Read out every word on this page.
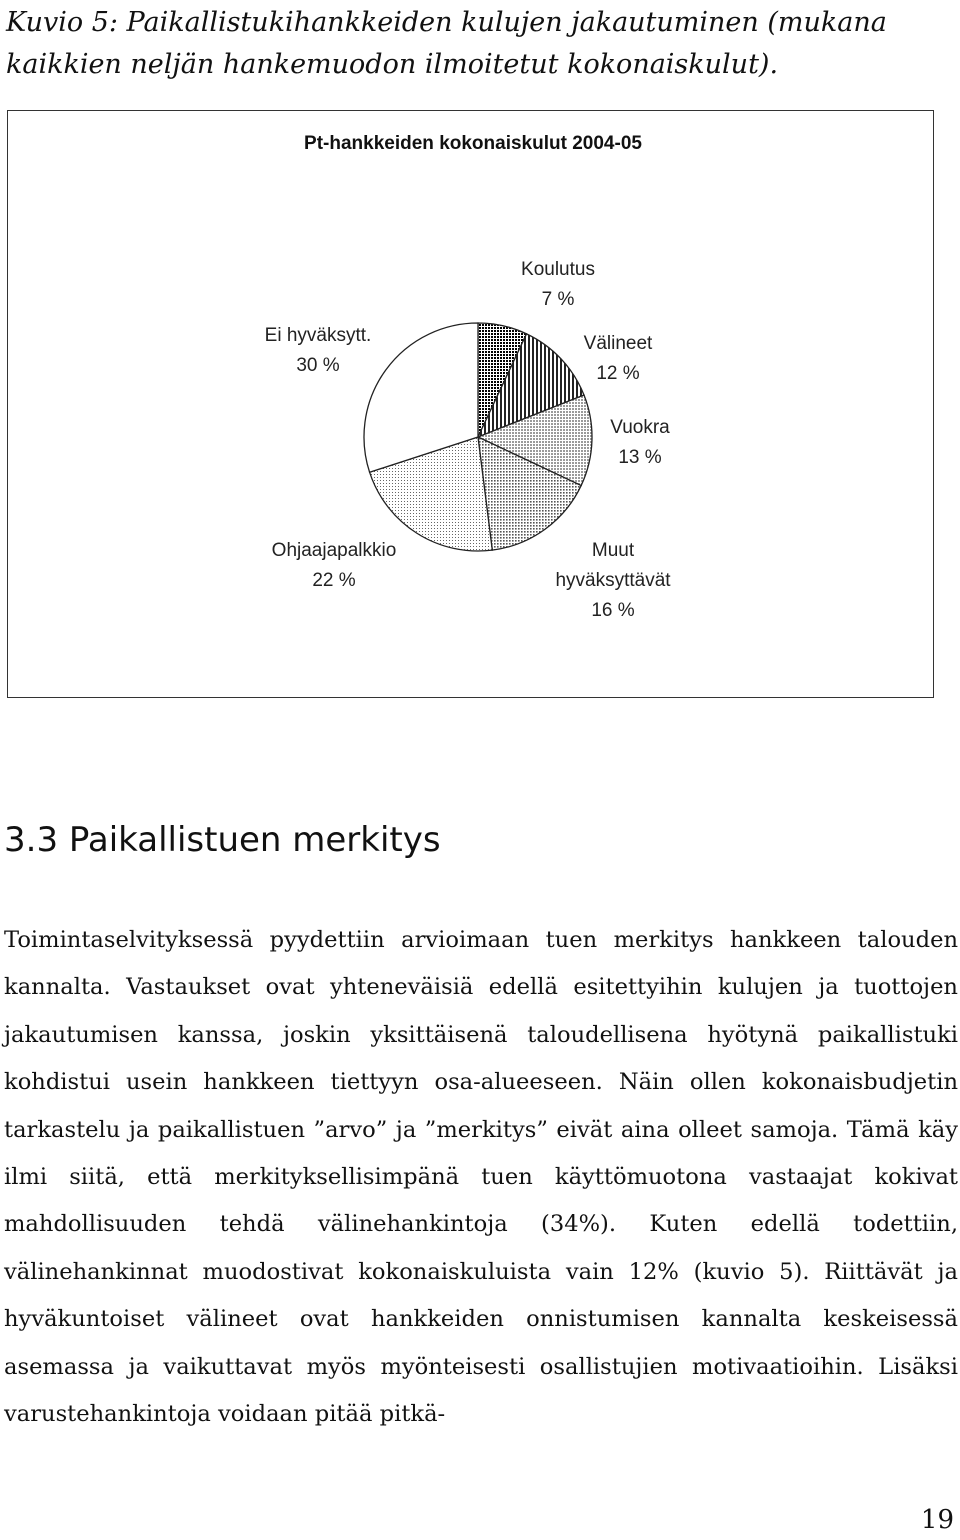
Kuvio 5: Paikallistukihankkeiden kulujen jakautuminen (mukana kaikkien neljän hankemuodon ilmoitetut kokonaiskulut).
Pt-hankkeiden kokonaiskulut 2004-05
Koulutus 7 %
Välineet 12 %
Vuokra 13 %
Muut hyväksyttävät 16 %
Ohjaajapalkkio 22 %
Ei hyväksytt. 30 %
3.3 Paikallistuen merkitys

Toimintaselvityksessä pyydettiin arvioimaan tuen merkitys hankkeen talouden kannalta. Vastaukset ovat yhteneväisiä edellä esitettyihin kulujen ja tuottojen jakautumisen kanssa, joskin yksittäisenä taloudellisena hyötynä paikallistuki kohdistui usein hankkeen tiettyyn osa-alueeseen. Näin ollen kokonaisbudjetin tarkastelu ja paikallistuen ”arvo” ja ”merkitys” eivät aina olleet samoja. Tämä käy ilmi siitä, että merkityksellisimpänä tuen käyttömuotona vastaajat kokivat mahdollisuuden tehdä välinehankintoja (34%). Kuten edellä todettiin, välinehankinnat muodostivat kokonaiskuluista vain 12% (kuvio 5). Riittävät ja hyväkuntoiset välineet ovat hankkeiden onnistumisen kannalta keskeisessä asemassa ja vaikuttavat myös myönteisesti osallistujien motivaatioihin. Lisäksi varustehankintoja voidaan pitää pitkä-

19
